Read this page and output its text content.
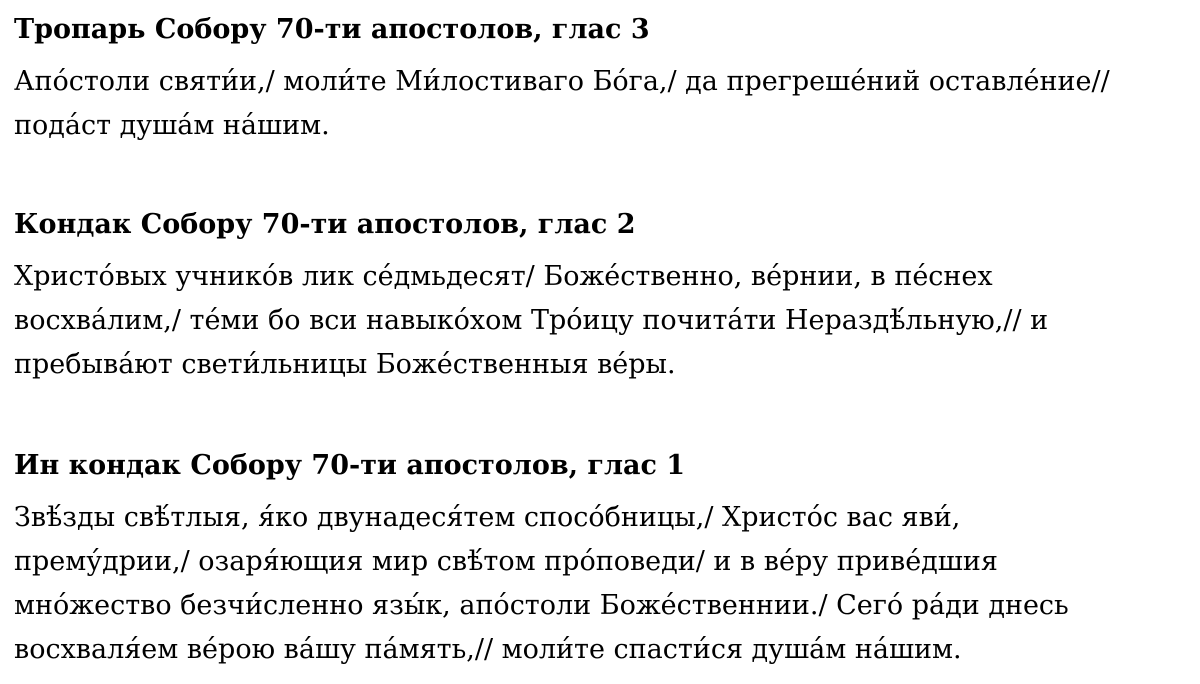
Тропарь Собору 70-ти апостолов, глас 3
Апо́столи святи́и,/ моли́те Ми́лостиваго Бо́га,/ да прегреше́ний оставле́ние//
пода́ст душа́м на́шим.
Кондак Собору 70-ти апостолов, глас 2
Христо́вых учнико́в лик се́дмьдесят/ Боже́ственно, ве́рнии, в пе́снех
восхва́лим,/ те́ми бо вси навыко́хом Тро́ицу почита́ти Нераздѣ́льную,// и
пребыва́ют свети́льницы Боже́ственныя ве́ры.
Ин кондак Собору 70-ти апостолов, глас 1
Звѣ́зды свѣ́тлыя, я́ко двунадеся́тем спосо́бницы,/ Христо́с вас яви́,
прему́дрии,/ озаря́ющия мир свѣ́том про́поведи/ и в ве́ру приве́дшия
мно́жество безчи́сленно язы́к, апо́столи Боже́ственнии./ Сего́ ра́ди днесь
восхваля́ем ве́рою ва́шу па́мять,// моли́те спасти́ся душа́м на́шим.
